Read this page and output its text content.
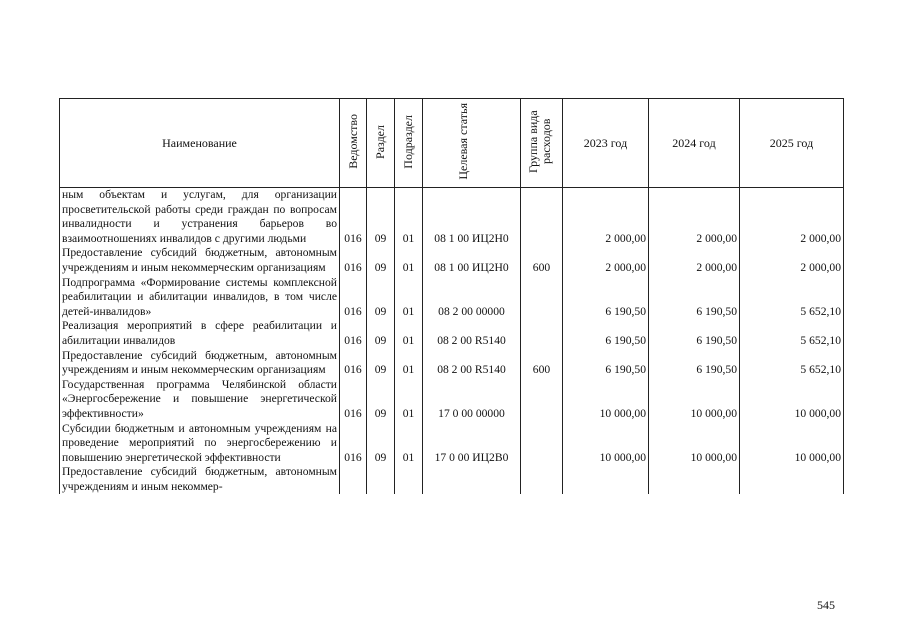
Наименование	Ведомство	Раздел	Подраздел	Целевая статья	Группа вида расходов	2023 год	2024 год	2025 год
ным объектам и услугам, для организации просветительской работы среди граждан по вопросам инвалидности и устранения барьеров во взаимоотношениях инвалидов с другими людьми	016	09	01	08 1 00 ИЦ2Н0		2 000,00	2 000,00	2 000,00
Предоставление субсидий бюджетным, автономным учреждениям и иным некоммерческим организациям	016	09	01	08 1 00 ИЦ2Н0	600	2 000,00	2 000,00	2 000,00
Подпрограмма «Формирование системы комплексной реабилитации и абилитации инвалидов, в том числе детей-инвалидов»	016	09	01	08 2 00 00000		6 190,50	6 190,50	5 652,10
Реализация мероприятий в сфере реабилитации и абилитации инвалидов	016	09	01	08 2 00 R5140		6 190,50	6 190,50	5 652,10
Предоставление субсидий бюджетным, автономным учреждениям и иным некоммерческим организациям	016	09	01	08 2 00 R5140	600	6 190,50	6 190,50	5 652,10
Государственная программа Челябинской области «Энергосбережение и повышение энергетической эффективности»	016	09	01	17 0 00 00000		10 000,00	10 000,00	10 000,00
Субсидии бюджетным и автономным учреждениям на проведение мероприятий по энергосбережению и повышению энергетической эффективности	016	09	01	17 0 00 ИЦ2В0		10 000,00	10 000,00	10 000,00
Предоставление субсидий бюджетным, автономным учреждениям и иным некоммер-								
545
